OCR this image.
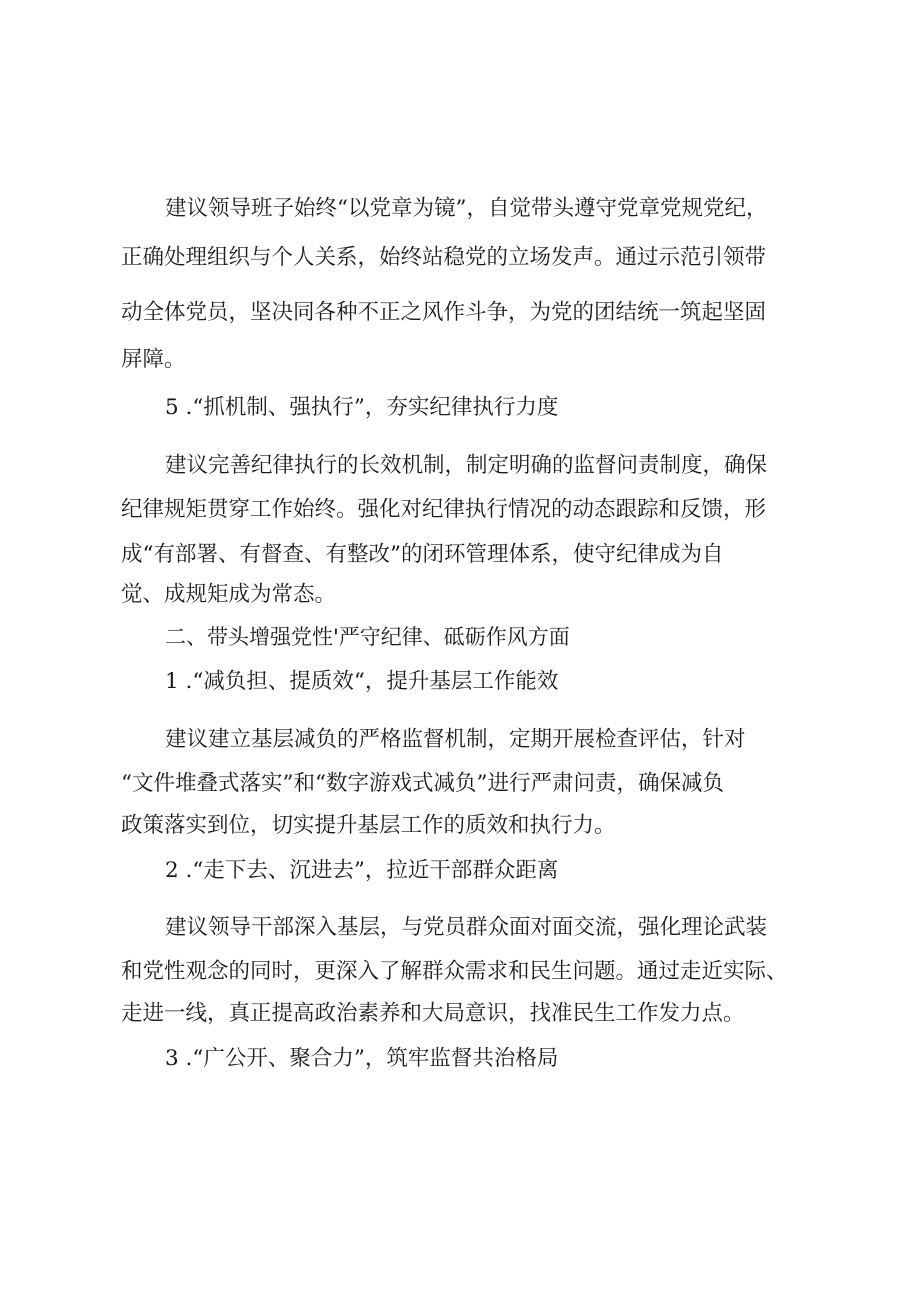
建议领导班子始终“以党章为镜”，自觉带头遵守党章党规党纪，

正确处理组织与个人关系，始终站稳党的立场发声。通过示范引领带

动全体党员，坚决同各种不正之风作斗争，为党的团结统一筑起坚固

屏障。

5 .“抓机制、强执行”，夯实纪律执行力度

建议完善纪律执行的长效机制，制定明确的监督问责制度，确保

纪律规矩贯穿工作始终。强化对纪律执行情况的动态跟踪和反馈，形

成“有部署、有督查、有整改”的闭环管理体系，使守纪律成为自

觉、成规矩成为常态。

二、带头增强党性'严守纪律、砥砺作风方面

1 .“减负担、提质效“，提升基层工作能效

建议建立基层减负的严格监督机制，定期开展检查评估，针对

“文件堆叠式落实”和“数字游戏式减负”进行严肃问责，确保减负

政策落实到位，切实提升基层工作的质效和执行力。

2 .“走下去、沉进去”，拉近干部群众距离

建议领导干部深入基层，与党员群众面对面交流，强化理论武装

和党性观念的同时，更深入了解群众需求和民生问题。通过走近实际、

走进一线，真正提高政治素养和大局意识，找准民生工作发力点。

3 .“广公开、聚合力”，筑牢监督共治格局
